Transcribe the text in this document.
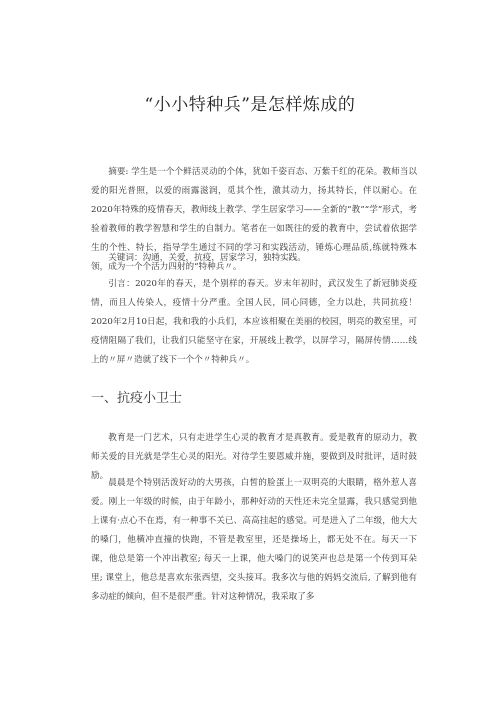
“小小特种兵”是怎样炼成的

摘要: 学生是一个个鲜活灵动的个体，犹如千姿百态、万紫千红的花朵。教师当以爱的阳光普照，以爱的雨露滋润，觅其个性，激其动力，扬其特长，伴以耐心。在2020年特殊的疫情春天，教师线上教学、学生居家学习——全新的“教”“学”形式，考验着教师的教学智慧和学生的自制力。笔者在一如既往的爱的教育中，尝试着依据学生的个性、特长，指导学生通过不同的学习和实践活动，锤炼心理品质,练就特殊本领，成为一个个活力四射的“特种兵〃。

关键词：沟通，关爱，抗疫，居家学习，独特实践。

引言：2020年的春天，是个别样的春天。岁末年初时，武汉发生了新冠肺炎疫情，而且人传染人，疫情十分严重。全国人民，同心同德，全力以赴，共同抗疫！2020年2月10日起，我和我的小兵们，本应该相聚在美丽的校园，明亮的教室里，可疫情阻隔了我们，让我们只能坚守在家，开展线上教学，以屏学习，隔屏传情……线上的〃屏〃造就了线下一个个〃特种兵〃。

一、抗疫小卫士

教育是一门艺术，只有走进学生心灵的教育才是真教育。爱是教育的原动力，教师关爱的目光就是学生心灵的阳光。对待学生要恩威并施，要做到及时批评，适时鼓励。

晨晨是个特别活泼好动的大男孩，白皙的脸蛋上一双明亮的大眼睛，格外惹人喜爱。刚上一年级的时候，由于年龄小，那种好动的天性还未完全显露，我只感觉到他上课有·点心不在焉，有一种事不关已、高高挂起的感觉。可是进入了二年级，他大大的嗓门，他横冲直撞的快跑，不管是教室里，还是操场上，都无处不在。每天一下课，他总是第一个冲出教室; 每天一上课，他大嗓门的说笑声也总是第一个传到耳朵里; 课堂上，他总是喜欢东张西望，交头接耳。我多次与他的妈妈交流后, 了解到他有多动症的倾向，但不是很严重。针对这种情况，我采取了多
